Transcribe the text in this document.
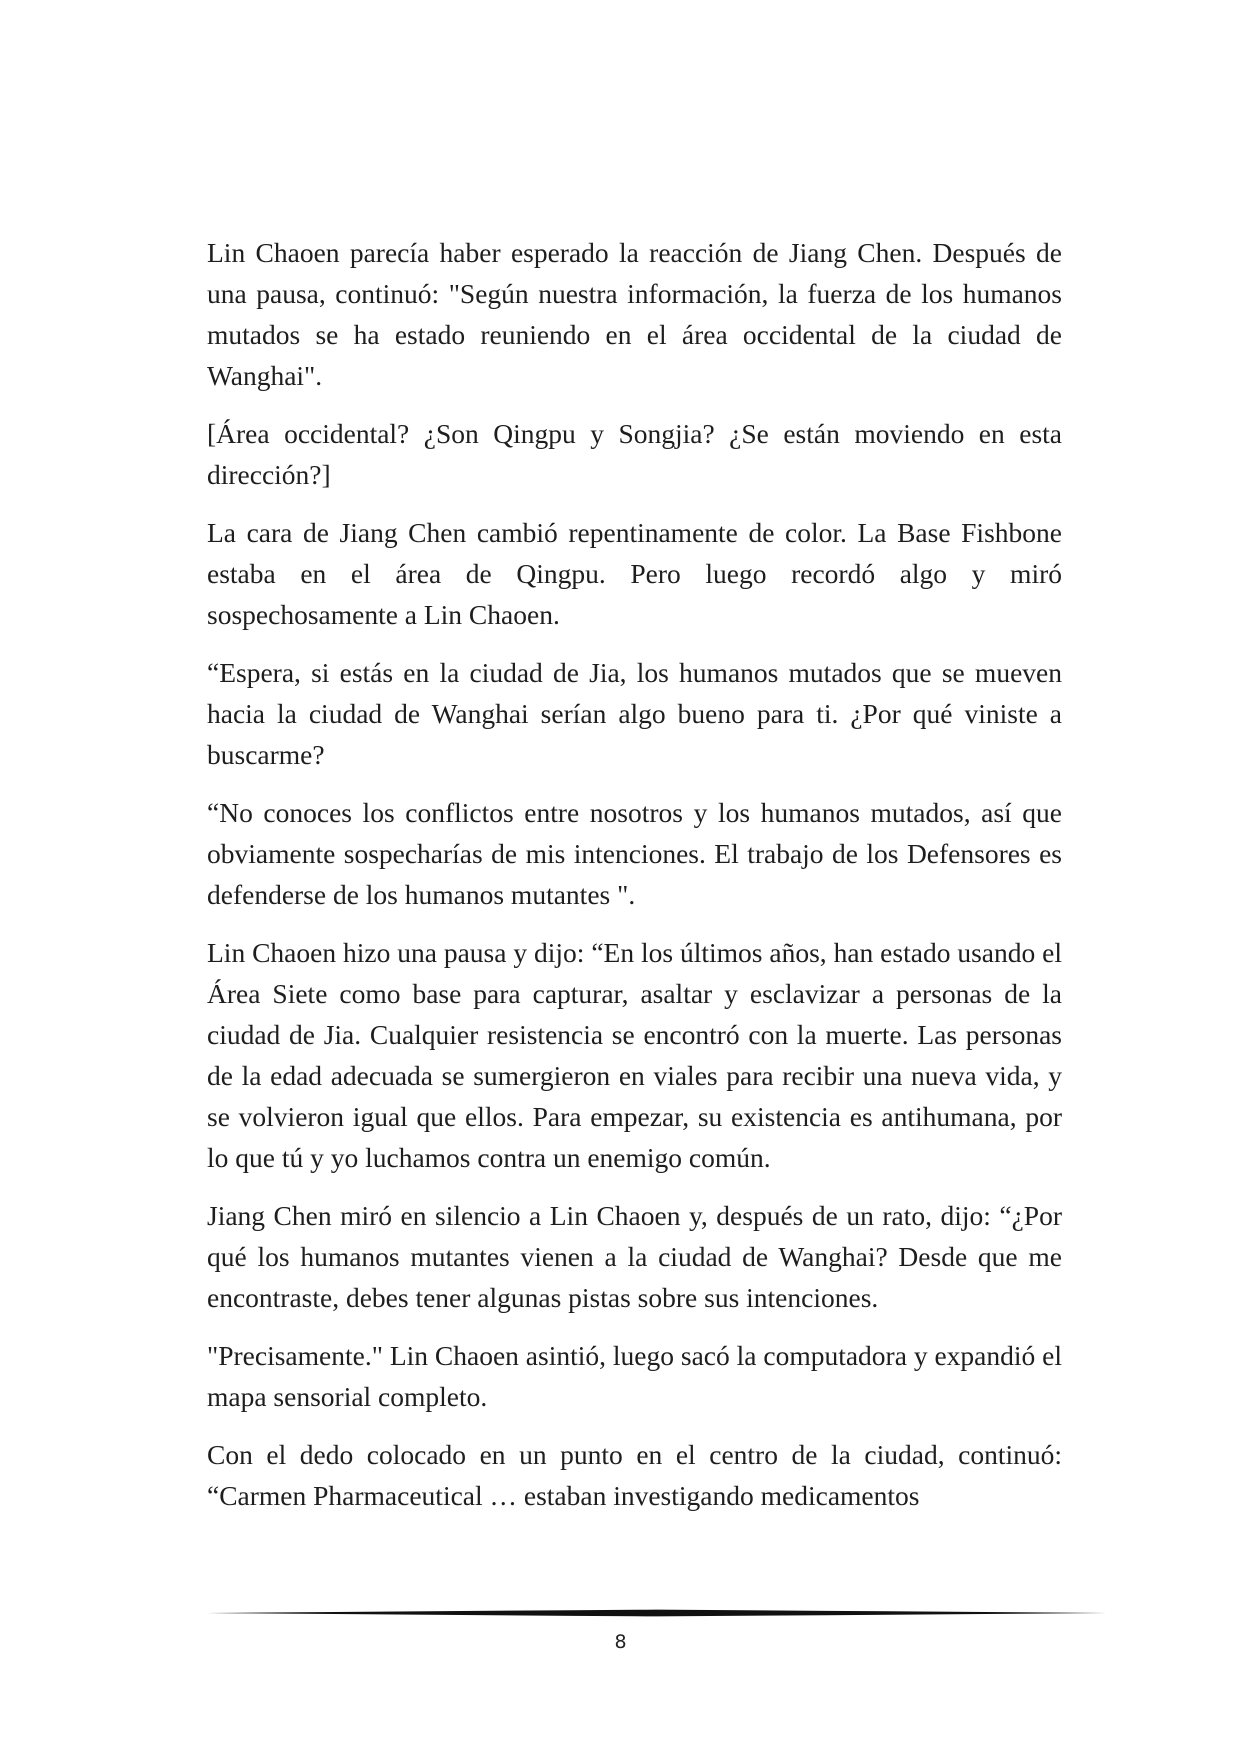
Lin Chaoen parecía haber esperado la reacción de Jiang Chen. Después de una pausa, continuó: "Según nuestra información, la fuerza de los humanos mutados se ha estado reuniendo en el área occidental de la ciudad de Wanghai".

[Área occidental? ¿Son Qingpu y Songjia? ¿Se están moviendo en esta dirección?]

La cara de Jiang Chen cambió repentinamente de color. La Base Fishbone estaba en el área de Qingpu. Pero luego recordó algo y miró sospechosamente a Lin Chaoen.

“Espera, si estás en la ciudad de Jia, los humanos mutados que se mueven hacia la ciudad de Wanghai serían algo bueno para ti. ¿Por qué viniste a buscarme?

“No conoces los conflictos entre nosotros y los humanos mutados, así que obviamente sospecharías de mis intenciones. El trabajo de los Defensores es defenderse de los humanos mutantes ".

Lin Chaoen hizo una pausa y dijo: “En los últimos años, han estado usando el Área Siete como base para capturar, asaltar y esclavizar a personas de la ciudad de Jia. Cualquier resistencia se encontró con la muerte. Las personas de la edad adecuada se sumergieron en viales para recibir una nueva vida, y se volvieron igual que ellos. Para empezar, su existencia es antihumana, por lo que tú y yo luchamos contra un enemigo común.

Jiang Chen miró en silencio a Lin Chaoen y, después de un rato, dijo: “¿Por qué los humanos mutantes vienen a la ciudad de Wanghai? Desde que me encontraste, debes tener algunas pistas sobre sus intenciones.

"Precisamente." Lin Chaoen asintió, luego sacó la computadora y expandió el mapa sensorial completo.

Con el dedo colocado en un punto en el centro de la ciudad, continuó: “Carmen Pharmaceutical … estaban investigando medicamentos

8
